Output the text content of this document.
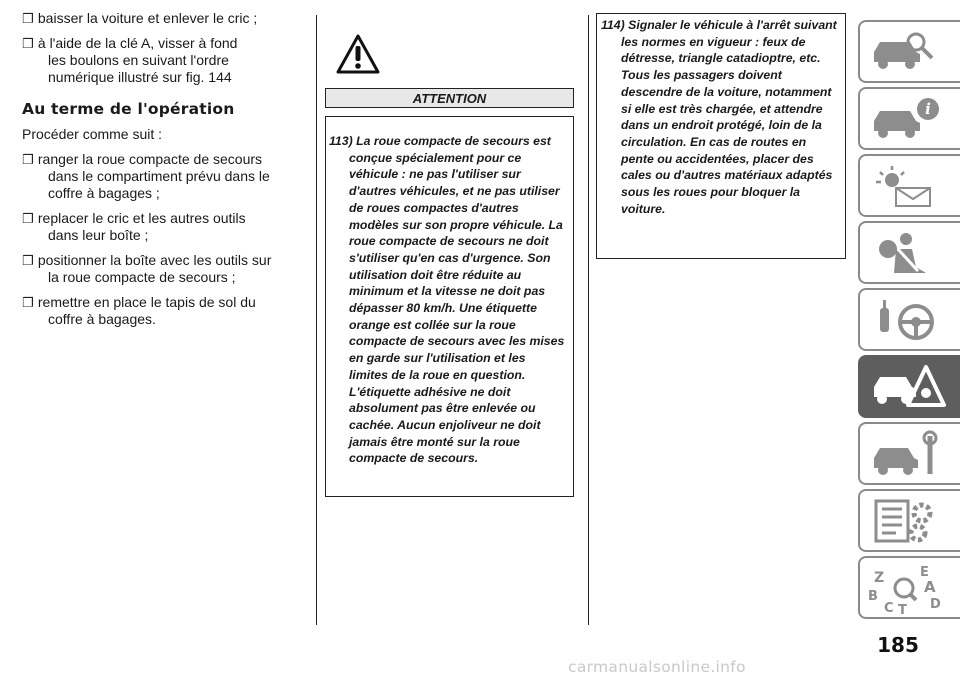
❒ baisser la voiture et enlever le cric ;
❒ à l'aide de la clé A, visser à fond
les boulons en suivant l'ordre numérique illustré sur fig. 144
Au terme de l'opération
Procéder comme suit :
❒ ranger la roue compacte de secours
dans le compartiment prévu dans le coffre à bagages ;
❒ replacer le cric et les autres outils
dans leur boîte ;
❒ positionner la boîte avec les outils sur
la roue compacte de secours ;
❒ remettre en place le tapis de sol du
coffre à bagages.
ATTENTION

113) La roue compacte de secours est conçue spécialement pour ce véhicule : ne pas l'utiliser sur d'autres véhicules, et ne pas utiliser de roues compactes d'autres modèles sur son propre véhicule. La roue compacte de secours ne doit s'utiliser qu'en cas d'urgence. Son utilisation doit être réduite au minimum et la vitesse ne doit pas dépasser 80 km/h. Une étiquette orange est collée sur la roue compacte de secours avec les mises en garde sur l'utilisation et les limites de la roue en question. L'étiquette adhésive ne doit absolument pas être enlevée ou cachée. Aucun enjoliveur ne doit jamais être monté sur la roue compacte de secours.

114) Signaler le véhicule à l'arrêt suivant les normes en vigueur : feux de détresse, triangle catadioptre, etc. Tous les passagers doivent descendre de la voiture, notamment si elle est très chargée, et attendre dans un endroit protégé, loin de la circulation. En cas de routes en pente ou accidentées, placer des cales ou d'autres matériaux adaptés sous les roues pour bloquer la voiture.

i
Z	E
A
B
D
C T
185
carmanualsonline.info
